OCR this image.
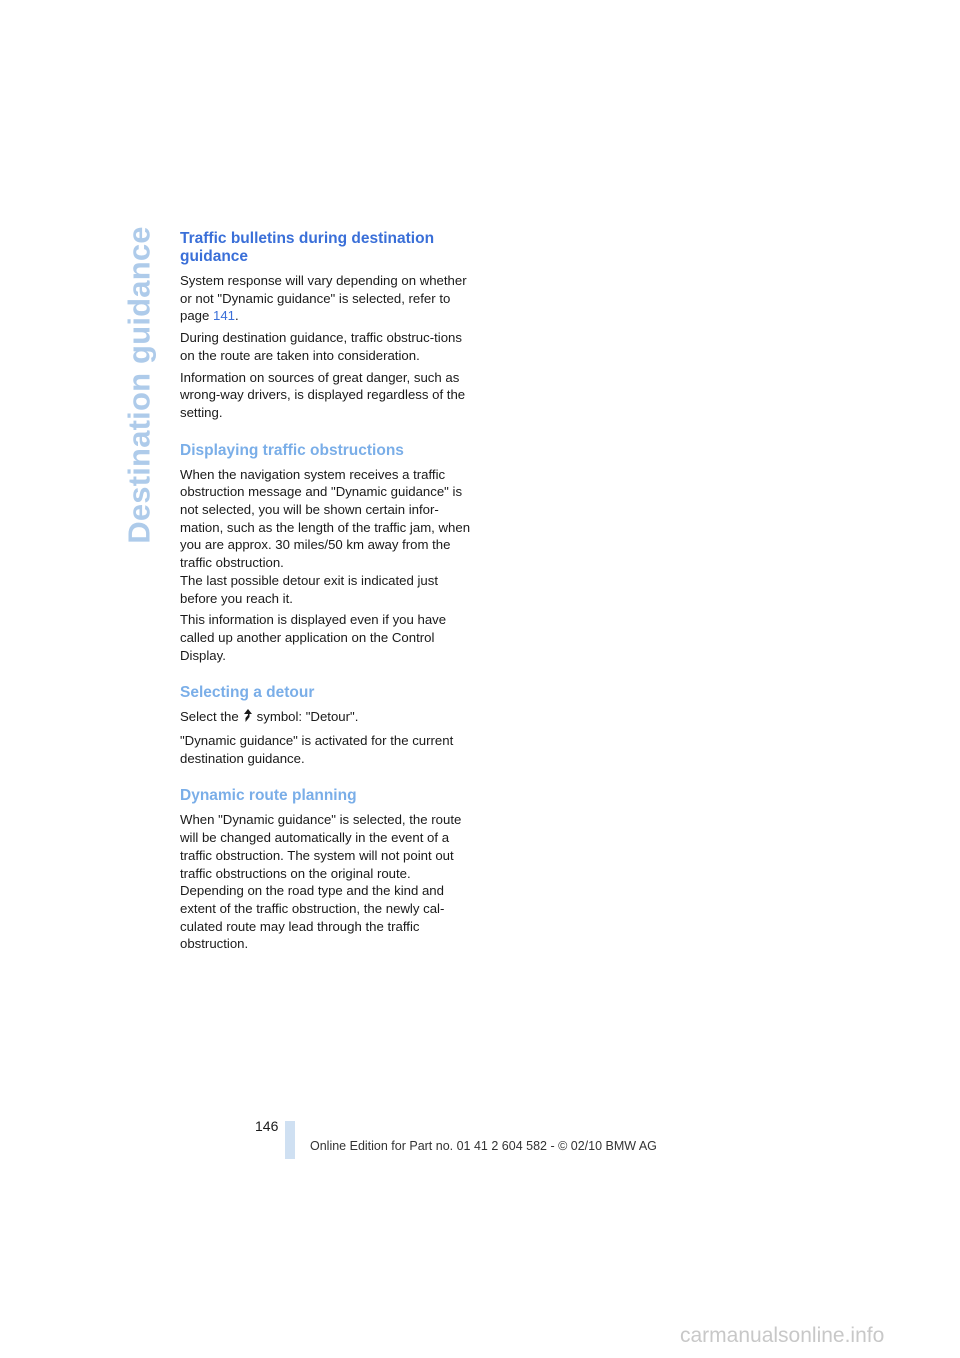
Destination guidance Traffic bulletins during destination guidance

System response will vary depending on whether or not "Dynamic guidance" is selected, refer to page 141.

During destination guidance, traffic obstruc-tions on the route are taken into consideration.

Information on sources of great danger, such as wrong-way drivers, is displayed regardless of the setting.

Displaying traffic obstructions

When the navigation system receives a traffic obstruction message and "Dynamic guidance" is not selected, you will be shown certain infor-mation, such as the length of the traffic jam, when you are approx. 30 miles/50 km away from the traffic obstruction.
The last possible detour exit is indicated just before you reach it.

This information is displayed even if you have called up another application on the Control Display.

Selecting a detour

Select the symbol: "Detour".

"Dynamic guidance" is activated for the current destination guidance.

Dynamic route planning

When "Dynamic guidance" is selected, the route will be changed automatically in the event of a traffic obstruction. The system will not point out traffic obstructions on the original route. Depending on the road type and the kind and extent of the traffic obstruction, the newly cal-culated route may lead through the traffic obstruction.

146
Online Edition for Part no. 01 41 2 604 582 - © 02/10 BMW AG
carmanualsonline.info
